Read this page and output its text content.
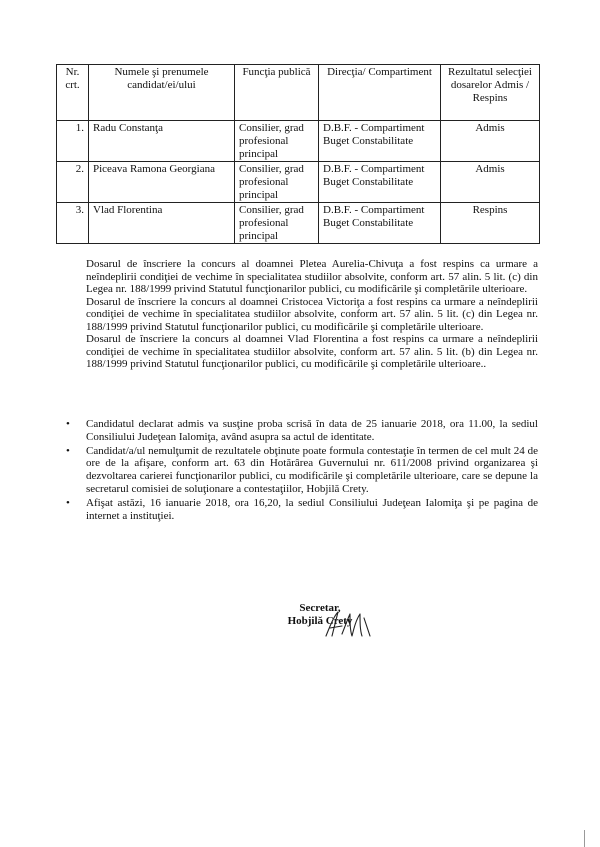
Nr. crt.	Numele şi prenumele candidat/ei/ului	Funcţia publică	Direcţia/ Compartiment	Rezultatul selecţiei dosarelor Admis / Respins
1.	Radu Constanţa	Consilier, grad profesional principal	D.B.F. - Compartiment Buget Constabilitate	Admis
2.	Piceava Ramona Georgiana	Consilier, grad profesional principal	D.B.F. - Compartiment Buget Constabilitate	Admis
3.	Vlad Florentina	Consilier, grad profesional principal	D.B.F. - Compartiment Buget Constabilitate	Respins

Dosarul de înscriere la concurs al doamnei Pletea Aurelia-Chivuţa a fost respins ca urmare a neîndeplirii condiţiei de vechime în specialitatea studiilor absolvite, conform art. 57 alin. 5 lit. (c) din Legea nr. 188/1999 privind Statutul funcţionarilor publici, cu modificările şi completările ulterioare.

Dosarul de înscriere la concurs al doamnei Cristocea Victoriţa a fost respins ca urmare a neîndeplirii condiţiei de vechime în specialitatea studiilor absolvite, conform art. 57 alin. 5 lit. (c) din Legea nr. 188/1999 privind Statutul funcţionarilor publici, cu modificările şi completările ulterioare.

Dosarul de înscriere la concurs al doamnei Vlad Florentina a fost respins ca urmare a neîndeplirii condiţiei de vechime în specialitatea studiilor absolvite, conform art. 57 alin. 5 lit. (b) din Legea nr. 188/1999 privind Statutul funcţionarilor publici, cu modificările şi completările ulterioare..

• Candidatul declarat admis va susţine proba scrisă în data de 25 ianuarie 2018, ora 11.00, la sediul Consiliului Judeţean Ialomiţa, având asupra sa actul de identitate.
• Candidat/a/ul nemulţumit de rezultatele obţinute poate formula contestaţie în termen de cel mult 24 de ore de la afişare, conform art. 63 din Hotărârea Guvernului nr. 611/2008 privind organizarea şi dezvoltarea carierei funcţionarilor publici, cu modificările şi completările ulterioare, care se depune la secretarul comisiei de soluţionare a contestaţiilor, Hobjilă Crety.
• Afişat astăzi, 16 ianuarie 2018, ora 16,20, la sediul Consiliului Judeţean Ialomiţa şi pe pagina de internet a instituţiei.
Secretar,
Hobjilă Crety
